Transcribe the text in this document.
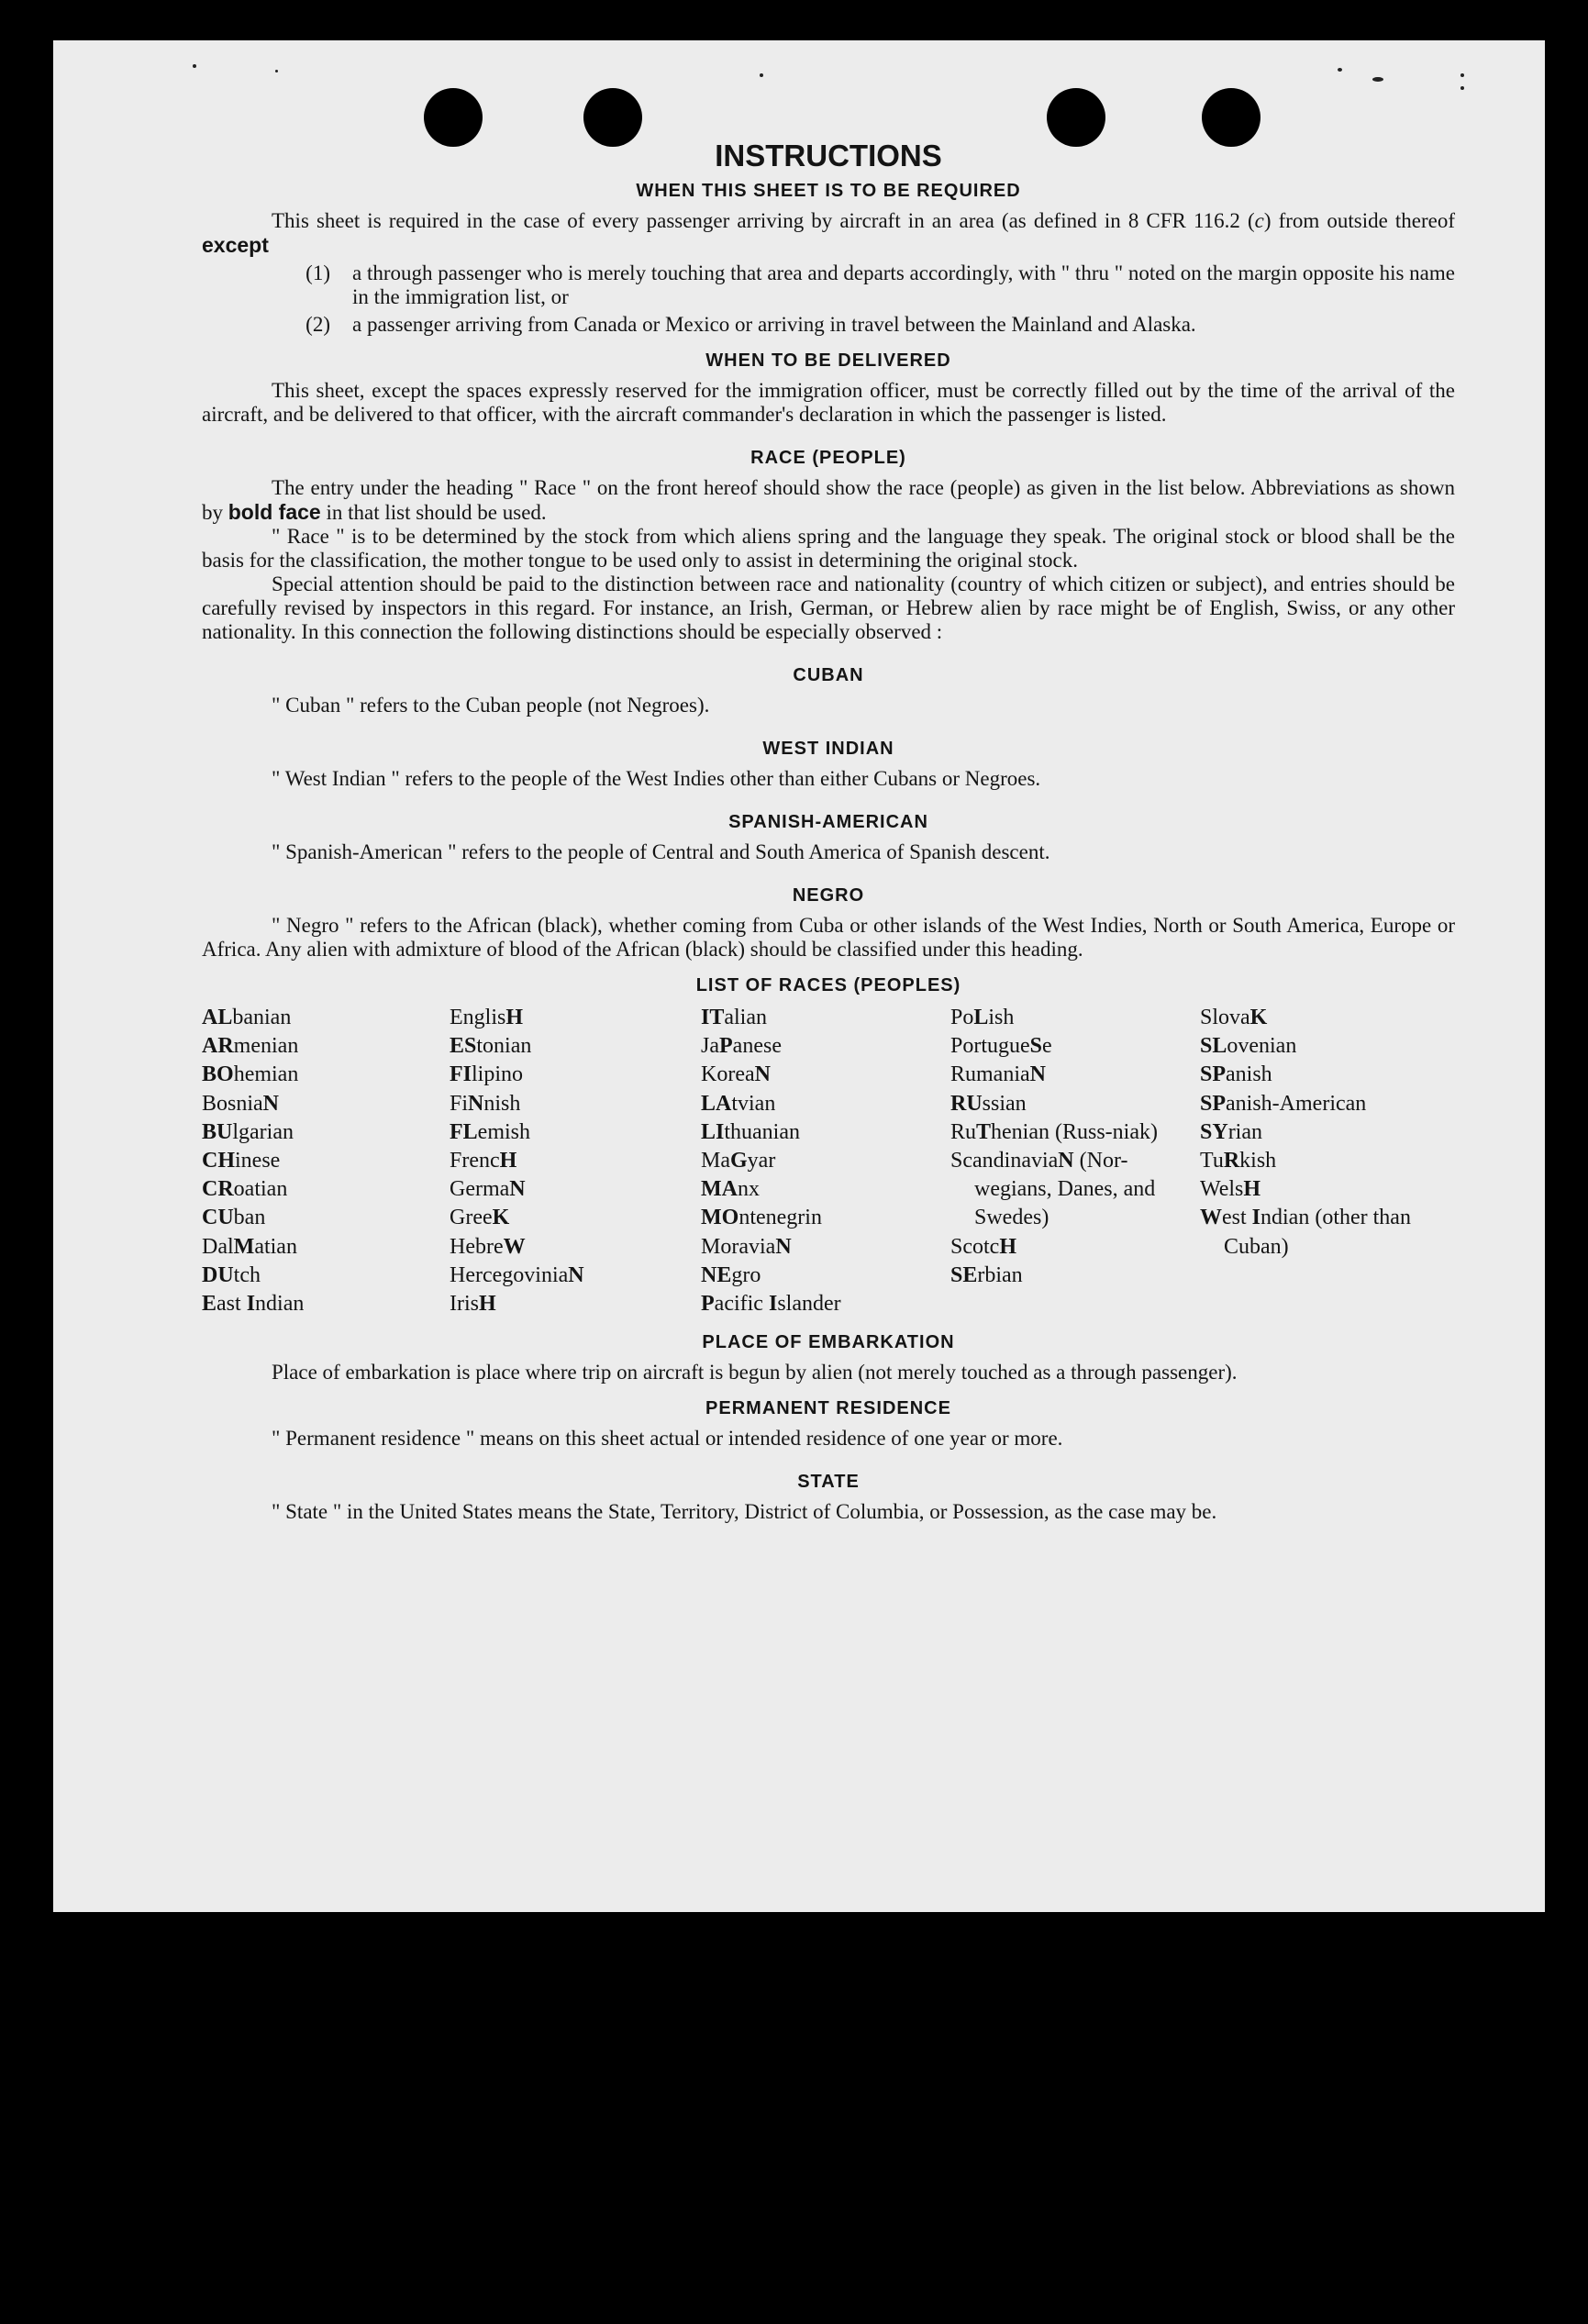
INSTRUCTIONS
WHEN THIS SHEET IS TO BE REQUIRED

This sheet is required in the case of every passenger arriving by aircraft in an area (as defined in 8 CFR 116.2 (c) from outside thereof except

(1)	a through passenger who is merely touching that area and departs accordingly, with " thru " noted on the margin opposite his name in the immigration list, or
(2)	a passenger arriving from Canada or Mexico or arriving in travel between the Mainland and Alaska.
WHEN TO BE DELIVERED

This sheet, except the spaces expressly reserved for the immigration officer, must be correctly filled out by the time of the arrival of the aircraft, and be delivered to that officer, with the aircraft commander's declaration in which the passenger is listed.

RACE (PEOPLE)

The entry under the heading " Race " on the front hereof should show the race (people) as given in the list below. Abbreviations as shown by bold face in that list should be used.

" Race " is to be determined by the stock from which aliens spring and the language they speak. The original stock or blood shall be the basis for the classification, the mother tongue to be used only to assist in determining the original stock.

Special attention should be paid to the distinction between race and nationality (country of which citizen or subject), and entries should be carefully revised by inspectors in this regard. For instance, an Irish, German, or Hebrew alien by race might be of English, Swiss, or any other nationality. In this connection the following distinctions should be especially observed :

CUBAN

" Cuban " refers to the Cuban people (not Negroes).

WEST INDIAN

" West Indian " refers to the people of the West Indies other than either Cubans or Negroes.

SPANISH-AMERICAN

" Spanish-American " refers to the people of Central and South America of Spanish descent.

NEGRO

" Negro " refers to the African (black), whether coming from Cuba or other islands of the West Indies, North or South America, Europe or Africa. Any alien with admixture of blood of the African (black) should be classified under this heading.

LIST OF RACES (PEOPLES)
ALbanian
ARmenian
BOhemian
BosniaN
BUlgarian
CHinese
CRoatian
CUban
DalMatian
DUtch
East Indian
EnglisH
EStonian
FIlipino
FiNnish
FLemish
FrencH
GermaN
GreeK
HebreW
HercegoviniaN
IrisH
ITalian
JaPanese
KoreaN
LAtvian
LIthuanian
MaGyar
MAnx
MOntenegrin
MoraviaN
NEgro
Pacific Islander
PoLish
PortugueSe
RumaniaN
RUssian
RuThenian (Russ-niak)
ScandinaviaN (Nor-wegians, Danes, and Swedes)
ScotcH
SErbian
SlovaK
SLovenian
SPanish
SPanish-American
SYrian
TuRkish
WelsH
West Indian (other than Cuban)
PLACE OF EMBARKATION

Place of embarkation is place where trip on aircraft is begun by alien (not merely touched as a through passenger).

PERMANENT RESIDENCE

" Permanent residence " means on this sheet actual or intended residence of one year or more.

STATE

" State " in the United States means the State, Territory, District of Columbia, or Possession, as the case may be.
